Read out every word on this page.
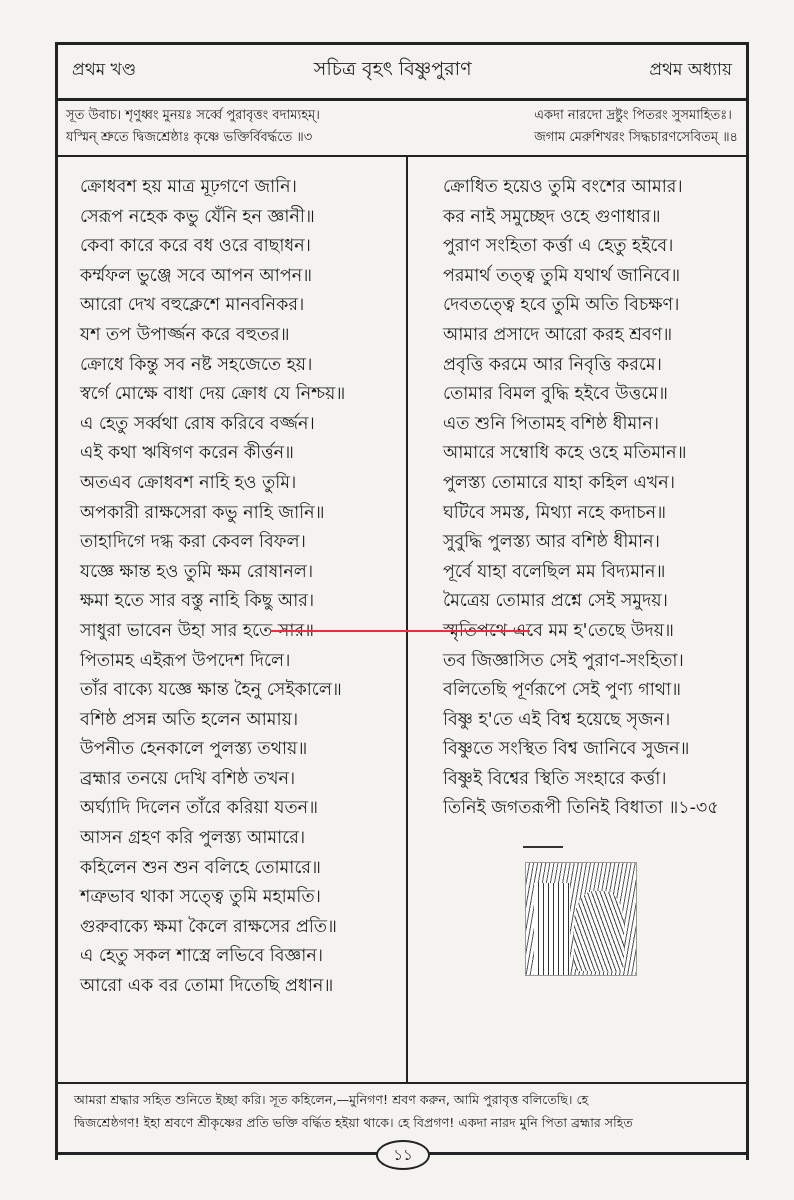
প্রথম খণ্ড	সচিত্র বৃহৎ বিষ্ণুপুরাণ	প্রথম অধ্যায়
সূত উবাচ। শৃণুধ্বং মুনয়ঃ সর্ব্বে পুরাবৃত্তং বদাম্যহম্।
যস্মিন্ শ্রুতে দ্বিজশ্রেষ্ঠাঃ কৃষ্ণে ভক্তির্বিবর্দ্ধতে ॥৩
একদা নারদো দ্রষ্টুং পিতরং সুসমাহিতঃ।
জগাম মেরুশিখরং সিদ্ধচারণসেবিতম্ ॥৪
ক্রোধবশ হয় মাত্র মূঢ়গণে জানি।
সেরূপ নহেক কভু যেঁনি হন জ্ঞানী॥
কেবা কারে করে বধ ওরে বাছাধন।
কর্ম্মফল ভুঞ্জে সবে আপন আপন॥
আরো দেখ বহুক্লেশে মানবনিকর।
যশ তপ উপার্জ্জন করে বহুতর॥
ক্রোধে কিন্তু সব নষ্ট সহজেতে হয়।
স্বর্গে মোক্ষে বাধা দেয় ক্রোধ যে নিশ্চয়॥
এ হেতু সর্ব্বথা রোষ করিবে বর্জ্জন।
এই কথা ঋষিগণ করেন কীর্ত্তন॥
অতএব ক্রোধবশ নাহি হও তুমি।
অপকারী রাক্ষসেরা কভু নাহি জানি॥
তাহাদিগে দগ্ধ করা কেবল বিফল।
যজ্ঞে ক্ষান্ত হও তুমি ক্ষম রোষানল।
ক্ষমা হতে সার বস্তু নাহি কিছু আর।
সাধুরা ভাবেন উহা সার হতে সার॥
পিতামহ এইরূপ উপদেশ দিলে।
তাঁর বাক্যে যজ্ঞে ক্ষান্ত হৈনু সেইকালে॥
বশিষ্ঠ প্রসন্ন অতি হলেন আমায়।
উপনীত হেনকালে পুলস্ত্য তথায়॥
ব্রহ্মার তনয়ে দেখি বশিষ্ঠ তখন।
অর্ঘ্যাদি দিলেন তাঁরে করিয়া যতন॥
আসন গ্রহণ করি পুলস্ত্য আমারে।
কহিলেন শুন শুন বলিহে তোমারে॥
শত্রুভাব থাকা সত্ত্বে তুমি মহামতি।
গুরুবাক্যে ক্ষমা কৈলে রাক্ষসের প্রতি॥
এ হেতু সকল শাস্ত্রে লভিবে বিজ্ঞান।
আরো এক বর তোমা দিতেছি প্রধান॥
ক্রোধিত হয়েও তুমি বংশের আমার।
কর নাই সমুচ্ছেদ ওহে গুণাধার॥
পুরাণ সংহিতা কর্ত্তা এ হেতু হইবে।
পরমার্থ তত্ত্ব তুমি যথার্থ জানিবে॥
দেবতত্ত্বে হবে তুমি অতি বিচক্ষণ।
আমার প্রসাদে আরো করহ শ্রবণ॥
প্রবৃত্তি করমে আর নিবৃত্তি করমে।
তোমার বিমল বুদ্ধি হইবে উত্তমে॥
এত শুনি পিতামহ বশিষ্ঠ ধীমান।
আমারে সম্বোধি কহে ওহে মতিমান॥
পুলস্ত্য তোমারে যাহা কহিল এখন।
ঘটিবে সমস্ত, মিথ্যা নহে কদাচন॥
সুবুদ্ধি পুলস্ত্য আর বশিষ্ঠ ধীমান।
পূর্বে যাহা বলেছিল মম বিদ্যমান॥
মৈত্রেয় তোমার প্রশ্নে সেই সমুদয়।
স্মৃতিপথে এবে মম হ'তেছে উদয়॥
তব জিজ্ঞাসিত সেই পুরাণ-সংহিতা।
বলিতেছি পূর্ণরূপে সেই পুণ্য গাথা॥
বিষ্ণু হ'তে এই বিশ্ব হয়েছে সৃজন।
বিষ্ণুতে সংস্থিত বিশ্ব জানিবে সুজন॥
বিষ্ণুই বিশ্বের স্থিতি সংহারে কর্ত্তা।
তিনিই জগতরূপী তিনিই বিধাতা ॥১-৩৫
আমরা শ্রদ্ধার সহিত শুনিতে ইচ্ছা করি। সূত কহিলেন,—মুনিগণ! শ্রবণ করুন, আমি পুরাবৃত্ত বলিতেছি। হে
দ্বিজশ্রেষ্ঠগণ! ইহা শ্রবণে শ্রীকৃষ্ণের প্রতি ভক্তি বর্দ্ধিত হইয়া থাকে। হে বিপ্রগণ! একদা নারদ মুনি পিতা ব্রহ্মার সহিত
১১
